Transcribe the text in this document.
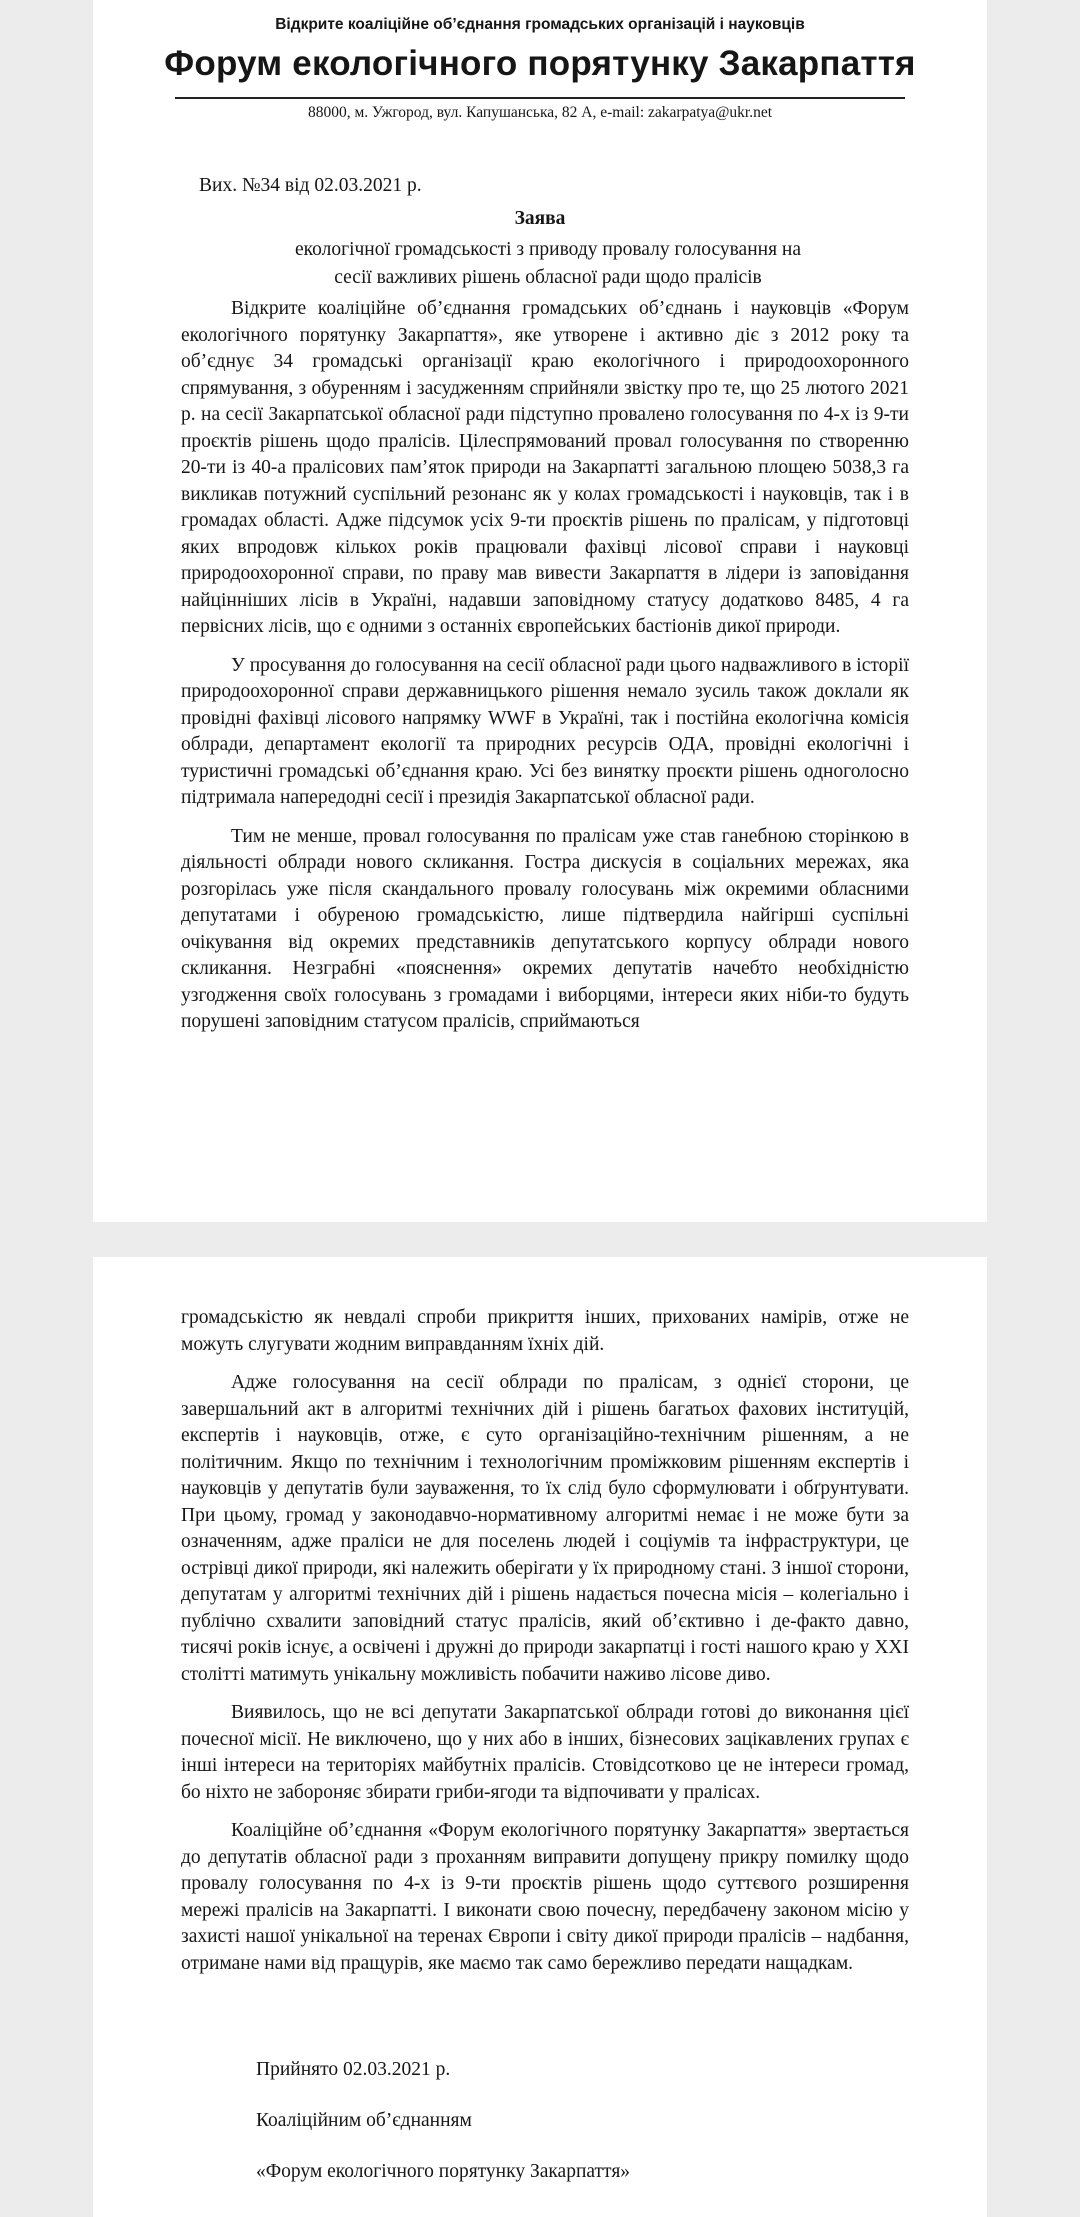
Відкрите коаліційне об’єднання громадських організацій і науковців
Форум екологічного порятунку Закарпаття
88000, м. Ужгород, вул. Капушанська, 82 А, e-mail: zakarpatya@ukr.net
Вих. №34 від 02.03.2021 р.
Заява
екологічної громадськості з приводу провалу голосування на сесії важливих рішень обласної ради щодо пралісів

Відкрите коаліційне об’єднання громадських об’єднань і науковців «Форум екологічного порятунку Закарпаття», яке утворене і активно діє з 2012 року та об’єднує 34 громадські організації краю екологічного і природоохоронного спрямування, з обуренням і засудженням сприйняли звістку про те, що 25 лютого 2021 р. на сесії Закарпатської обласної ради підступно провалено голосування по 4-х із 9-ти проєктів рішень щодо пралісів. Цілеспрямований провал голосування по створенню 20-ти із 40-а пралісових пам’яток природи на Закарпатті загальною площею 5038,3 га викликав потужний суспільний резонанс як у колах громадськості і науковців, так і в громадах області. Адже підсумок усіх 9-ти проєктів рішень по пралісам, у підготовці яких впродовж кількох років працювали фахівці лісової справи і науковці природоохоронної справи, по праву мав вивести Закарпаття в лідери із заповідання найцінніших лісів в Україні, надавши заповідному статусу додатково 8485, 4 га первісних лісів, що є одними з останніх європейських бастіонів дикої природи.

У просування до голосування на сесії обласної ради цього надважливого в історії природоохоронної справи державницького рішення немало зусиль також доклали як провідні фахівці лісового напрямку WWF в Україні, так і постійна екологічна комісія облради, департамент екології та природних ресурсів ОДА, провідні екологічні і туристичні громадські об’єднання краю. Усі без винятку проєкти рішень одноголосно підтримала напередодні сесії і президія Закарпатської обласної ради.

Тим не менше, провал голосування по пралісам уже став ганебною сторінкою в діяльності облради нового скликання. Гостра дискусія в соціальних мережах, яка розгорілась уже після скандального провалу голосувань між окремими обласними депутатами і обуреною громадськістю, лише підтвердила найгірші суспільні очікування від окремих представників депутатського корпусу облради нового скликання. Незграбні «пояснення» окремих депутатів начебто необхідністю узгодження своїх голосувань з громадами і виборцями, інтереси яких ніби-то будуть порушені заповідним статусом пралісів, сприймаються

громадськістю як невдалі спроби прикриття інших, прихованих намірів, отже не можуть слугувати жодним виправданням їхніх дій.

Адже голосування на сесії облради по пралісам, з однієї сторони, це завершальний акт в алгоритмі технічних дій і рішень багатьох фахових інституцій, експертів і науковців, отже, є суто організаційно-технічним рішенням, а не політичним. Якщо по технічним і технологічним проміжковим рішенням експертів і науковців у депутатів були зауваження, то їх слід було сформулювати і обґрунтувати. При цьому, громад у законодавчо-нормативному алгоритмі немає і не може бути за означенням, адже праліси не для поселень людей і соціумів та інфраструктури, це острівці дикої природи, які належить оберігати у їх природному стані. З іншої сторони, депутатам у алгоритмі технічних дій і рішень надається почесна місія – колегіально і публічно схвалити заповідний статус пралісів, який об’єктивно і де-факто давно, тисячі років існує, а освічені і дружні до природи закарпатці і гості нашого краю у XXI столітті матимуть унікальну можливість побачити наживо лісове диво.

Виявилось, що не всі депутати Закарпатської облради готові до виконання цієї почесної місії. Не виключено, що у них або в інших, бізнесових зацікавлених групах є інші інтереси на територіях майбутніх пралісів. Стовідсотково це не інтереси громад, бо ніхто не забороняє збирати гриби-ягоди та відпочивати у пралісах.

Коаліційне об’єднання «Форум екологічного порятунку Закарпаття» звертається до депутатів обласної ради з проханням виправити допущену прикру помилку щодо провалу голосування по 4-х із 9-ти проєктів рішень щодо суттєвого розширення мережі пралісів на Закарпатті. І виконати свою почесну, передбачену законом місію у захисті нашої унікальної на теренах Європи і світу дикої природи пралісів – надбання, отримане нами від пращурів, яке маємо так само бережливо передати нащадкам.

Прийнято 02.03.2021 р.
Коаліційним об’єднанням
«Форум екологічного порятунку Закарпаття»
